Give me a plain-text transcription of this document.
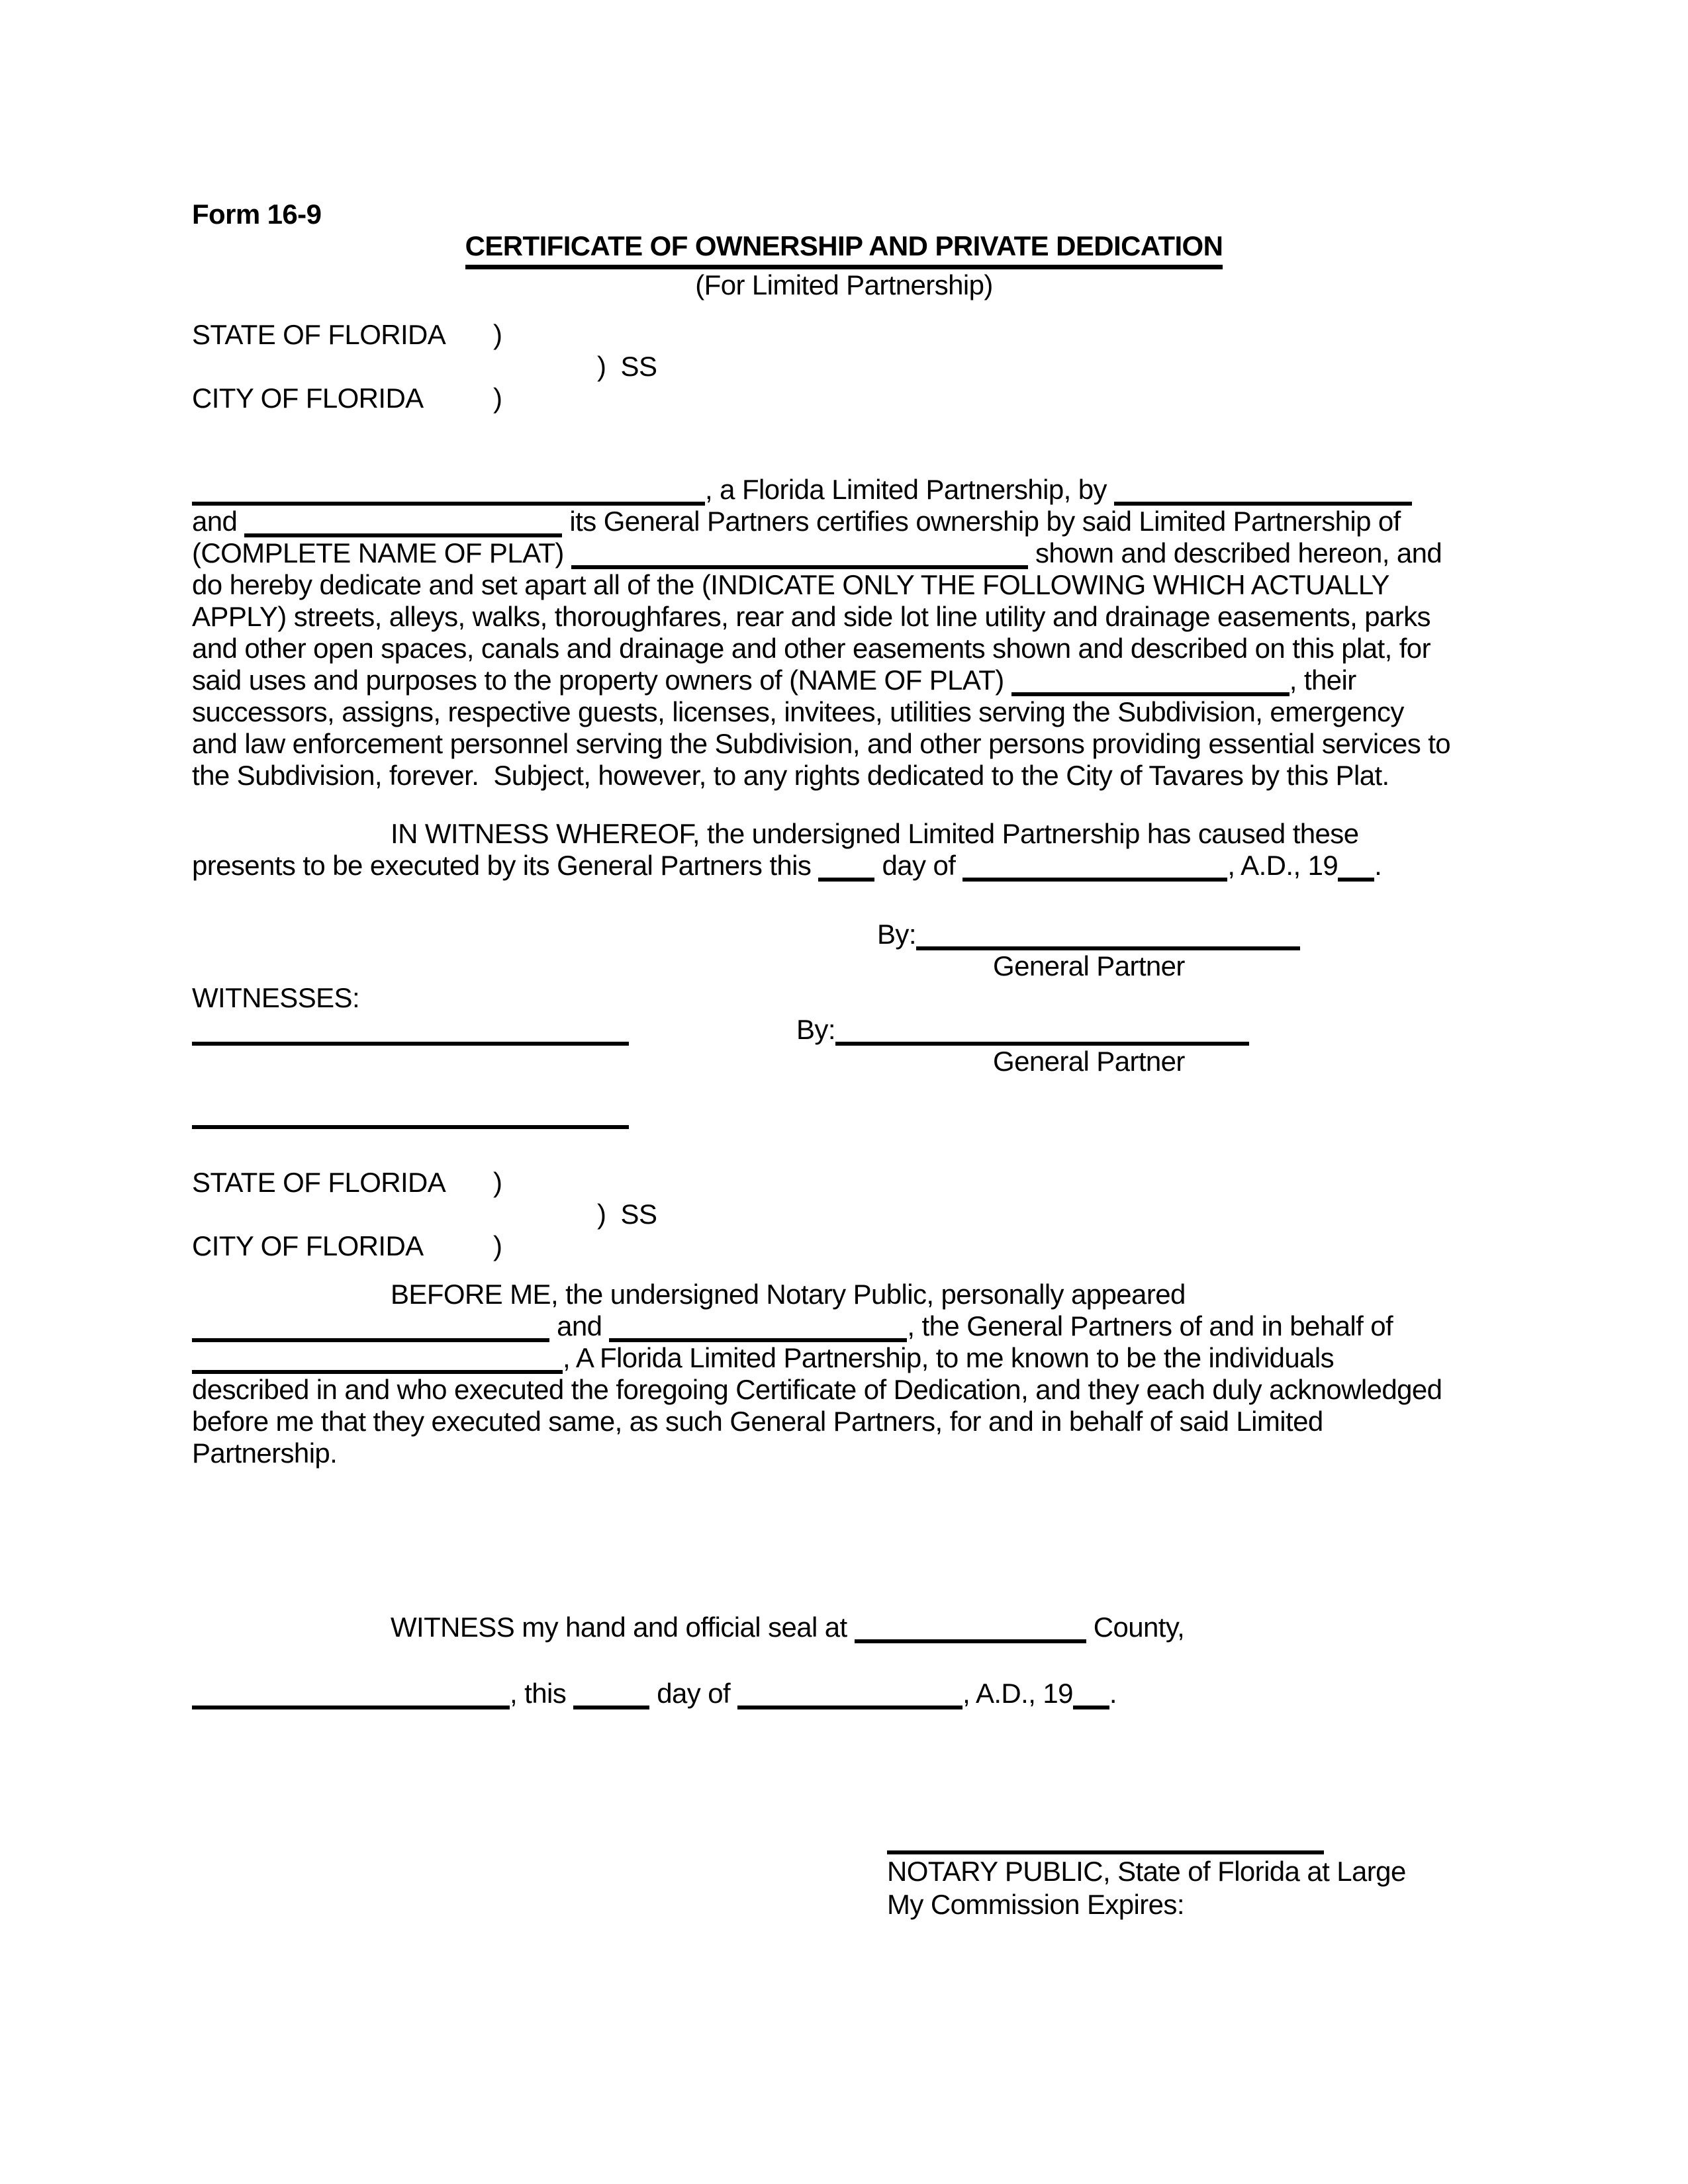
Form 16-9
CERTIFICATE OF OWNERSHIP AND PRIVATE DEDICATION
(For Limited Partnership)
STATE OF FLORIDA )
)  SS
CITY OF FLORIDA	)
, a Florida Limited Partnership, by
and	its General Partners certifies ownership by said Limited Partnership of
(COMPLETE NAME OF PLAT)	shown and described hereon, and
do hereby dedicate and set apart all of the (INDICATE ONLY THE FOLLOWING WHICH ACTUALLY
APPLY) streets, alleys, walks, thoroughfares, rear and side lot line utility and drainage easements, parks
and other open spaces, canals and drainage and other easements shown and described on this plat, for
said uses and purposes to the property owners of (NAME OF PLAT)	, their
successors, assigns, respective guests, licenses, invitees, utilities serving the Subdivision, emergency
and law enforcement personnel serving the Subdivision, and other persons providing essential services to
the Subdivision, forever.  Subject, however, to any rights dedicated to the City of Tavares by this Plat.
IN WITNESS WHEREOF, the undersigned Limited Partnership has caused these
presents to be executed by its General Partners this  day of	, A.D., 19 .
By:
General Partner
WITNESSES:
By:
General Partner
STATE OF FLORIDA )
)  SS
CITY OF FLORIDA	)
BEFORE ME, the undersigned Notary Public, personally appeared
and	, the General Partners of and in behalf of
, A Florida Limited Partnership, to me known to be the individuals
described in and who executed the foregoing Certificate of Dedication, and they each duly acknowledged
before me that they executed same, as such General Partners, for and in behalf of said Limited
Partnership.
WITNESS my hand and official seal at	County,
, this	day of	, A.D., 19 .
NOTARY PUBLIC, State of Florida at Large
My Commission Expires:
